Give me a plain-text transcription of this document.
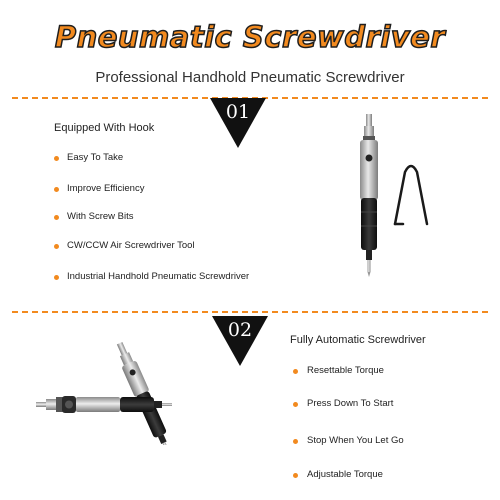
Pneumatic Screwdriver
Professional Handhold Pneumatic Screwdriver
01
Equipped With Hook
Easy To Take
Improve Efficiency
With Screw Bits
CW/CCW Air Screwdriver Tool
Industrial Handhold Pneumatic Screwdriver
02	Fully Automatic Screwdriver
Resettable Torque
Press Down To Start
Stop When You Let Go
Adjustable Torque
